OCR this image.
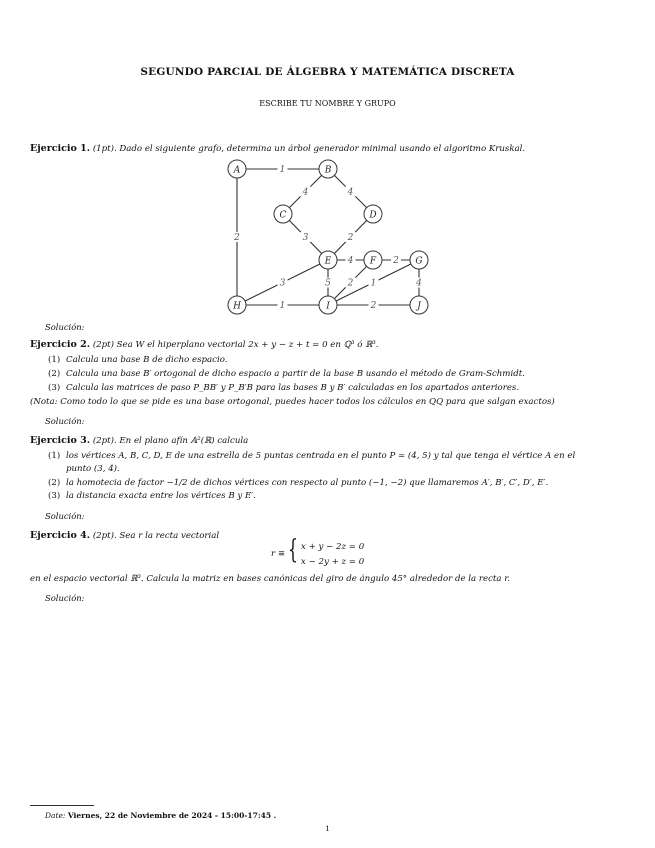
SEGUNDO PARCIAL DE ÁLGEBRA Y MATEMÁTICA DISCRETA
ESCRIBE TU NOMBRE Y GRUPO
Ejercicio 1. (1pt). Dado el siguiente grafo, determina un árbol generador minimal usando el algoritmo Kruskal.
1
4	4
2	3	2
4	2
3	5 2 1	4
1	2
A	B
C	D
E	F	G
H	I	J
Solución:
Ejercicio 2. (2pt) Sea W el hiperplano vectorial 2x + y − z + t = 0 en ℚ³ ó ℝ³.
(1) Calcula una base B de dicho espacio.
(2) Calcula una base B′ ortogonal de dicho espacio a partir de la base B usando el método de Gram-Schmidt.
(3) Calcula las matrices de paso P_BB′ y P_B′B para las bases B y B′ calculadas en los apartados anteriores.
(Nota: Como todo lo que se pide es una base ortogonal, puedes hacer todos los cálculos en QQ para que salgan exactos)
Solución:
Ejercicio 3. (2pt). En el plano afín 𝔸²(ℝ) calcula
(1) los vértices A, B, C, D, E de una estrella de 5 puntas centrada en el punto P = (4, 5) y tal que tenga el vértice A en el
punto (3, 4).
(2) la homotecia de factor −1/2 de dichos vértices con respecto al punto (−1, −2) que llamaremos A′, B′, C′, D′, E′.
(3) la distancia exacta entre los vértices B y E′.
Solución:
Ejercicio 4. (2pt). Sea r la recta vectorial
r ≡ { x + y − 2z = 0
x − 2y + z = 0
en el espacio vectorial ℝ³. Calcula la matriz en bases canónicas del giro de ángulo 45° alrededor de la recta r.
Solución:
Date: Viernes, 22 de Noviembre de 2024 - 15:00-17:45 .
1
